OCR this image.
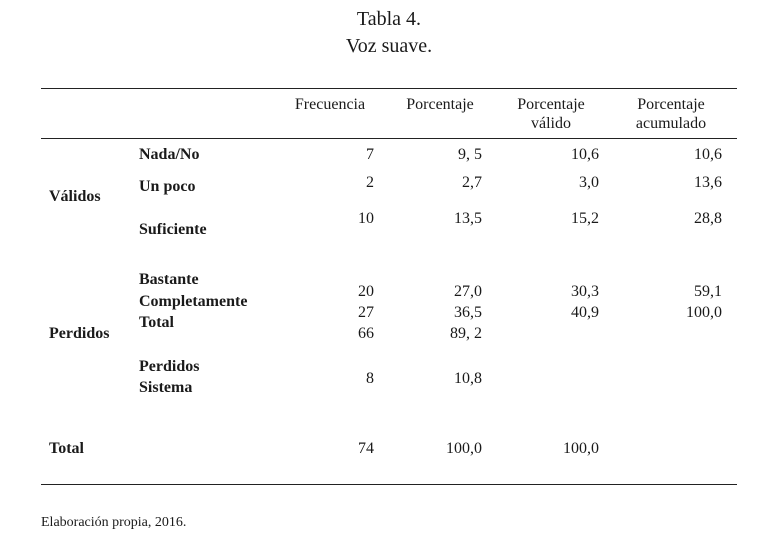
Tabla 4.
Voz suave.
Frecuencia	Porcentaje	Porcentaje
válido
Porcentaje
acumulado
Válidos
Perdidos
Total
Nada/No
Un poco
Suficiente
Bastante
Completamente
Total
Perdidos
Sistema
7
2
10
20
27
66
8
74
9, 5
2,7
13,5
27,0
36,5
89, 2
10,8
100,0
10,6
3,0
15,2
30,3
40,9
100,0
10,6
13,6
28,8
59,1
100,0
Elaboración propia, 2016.
